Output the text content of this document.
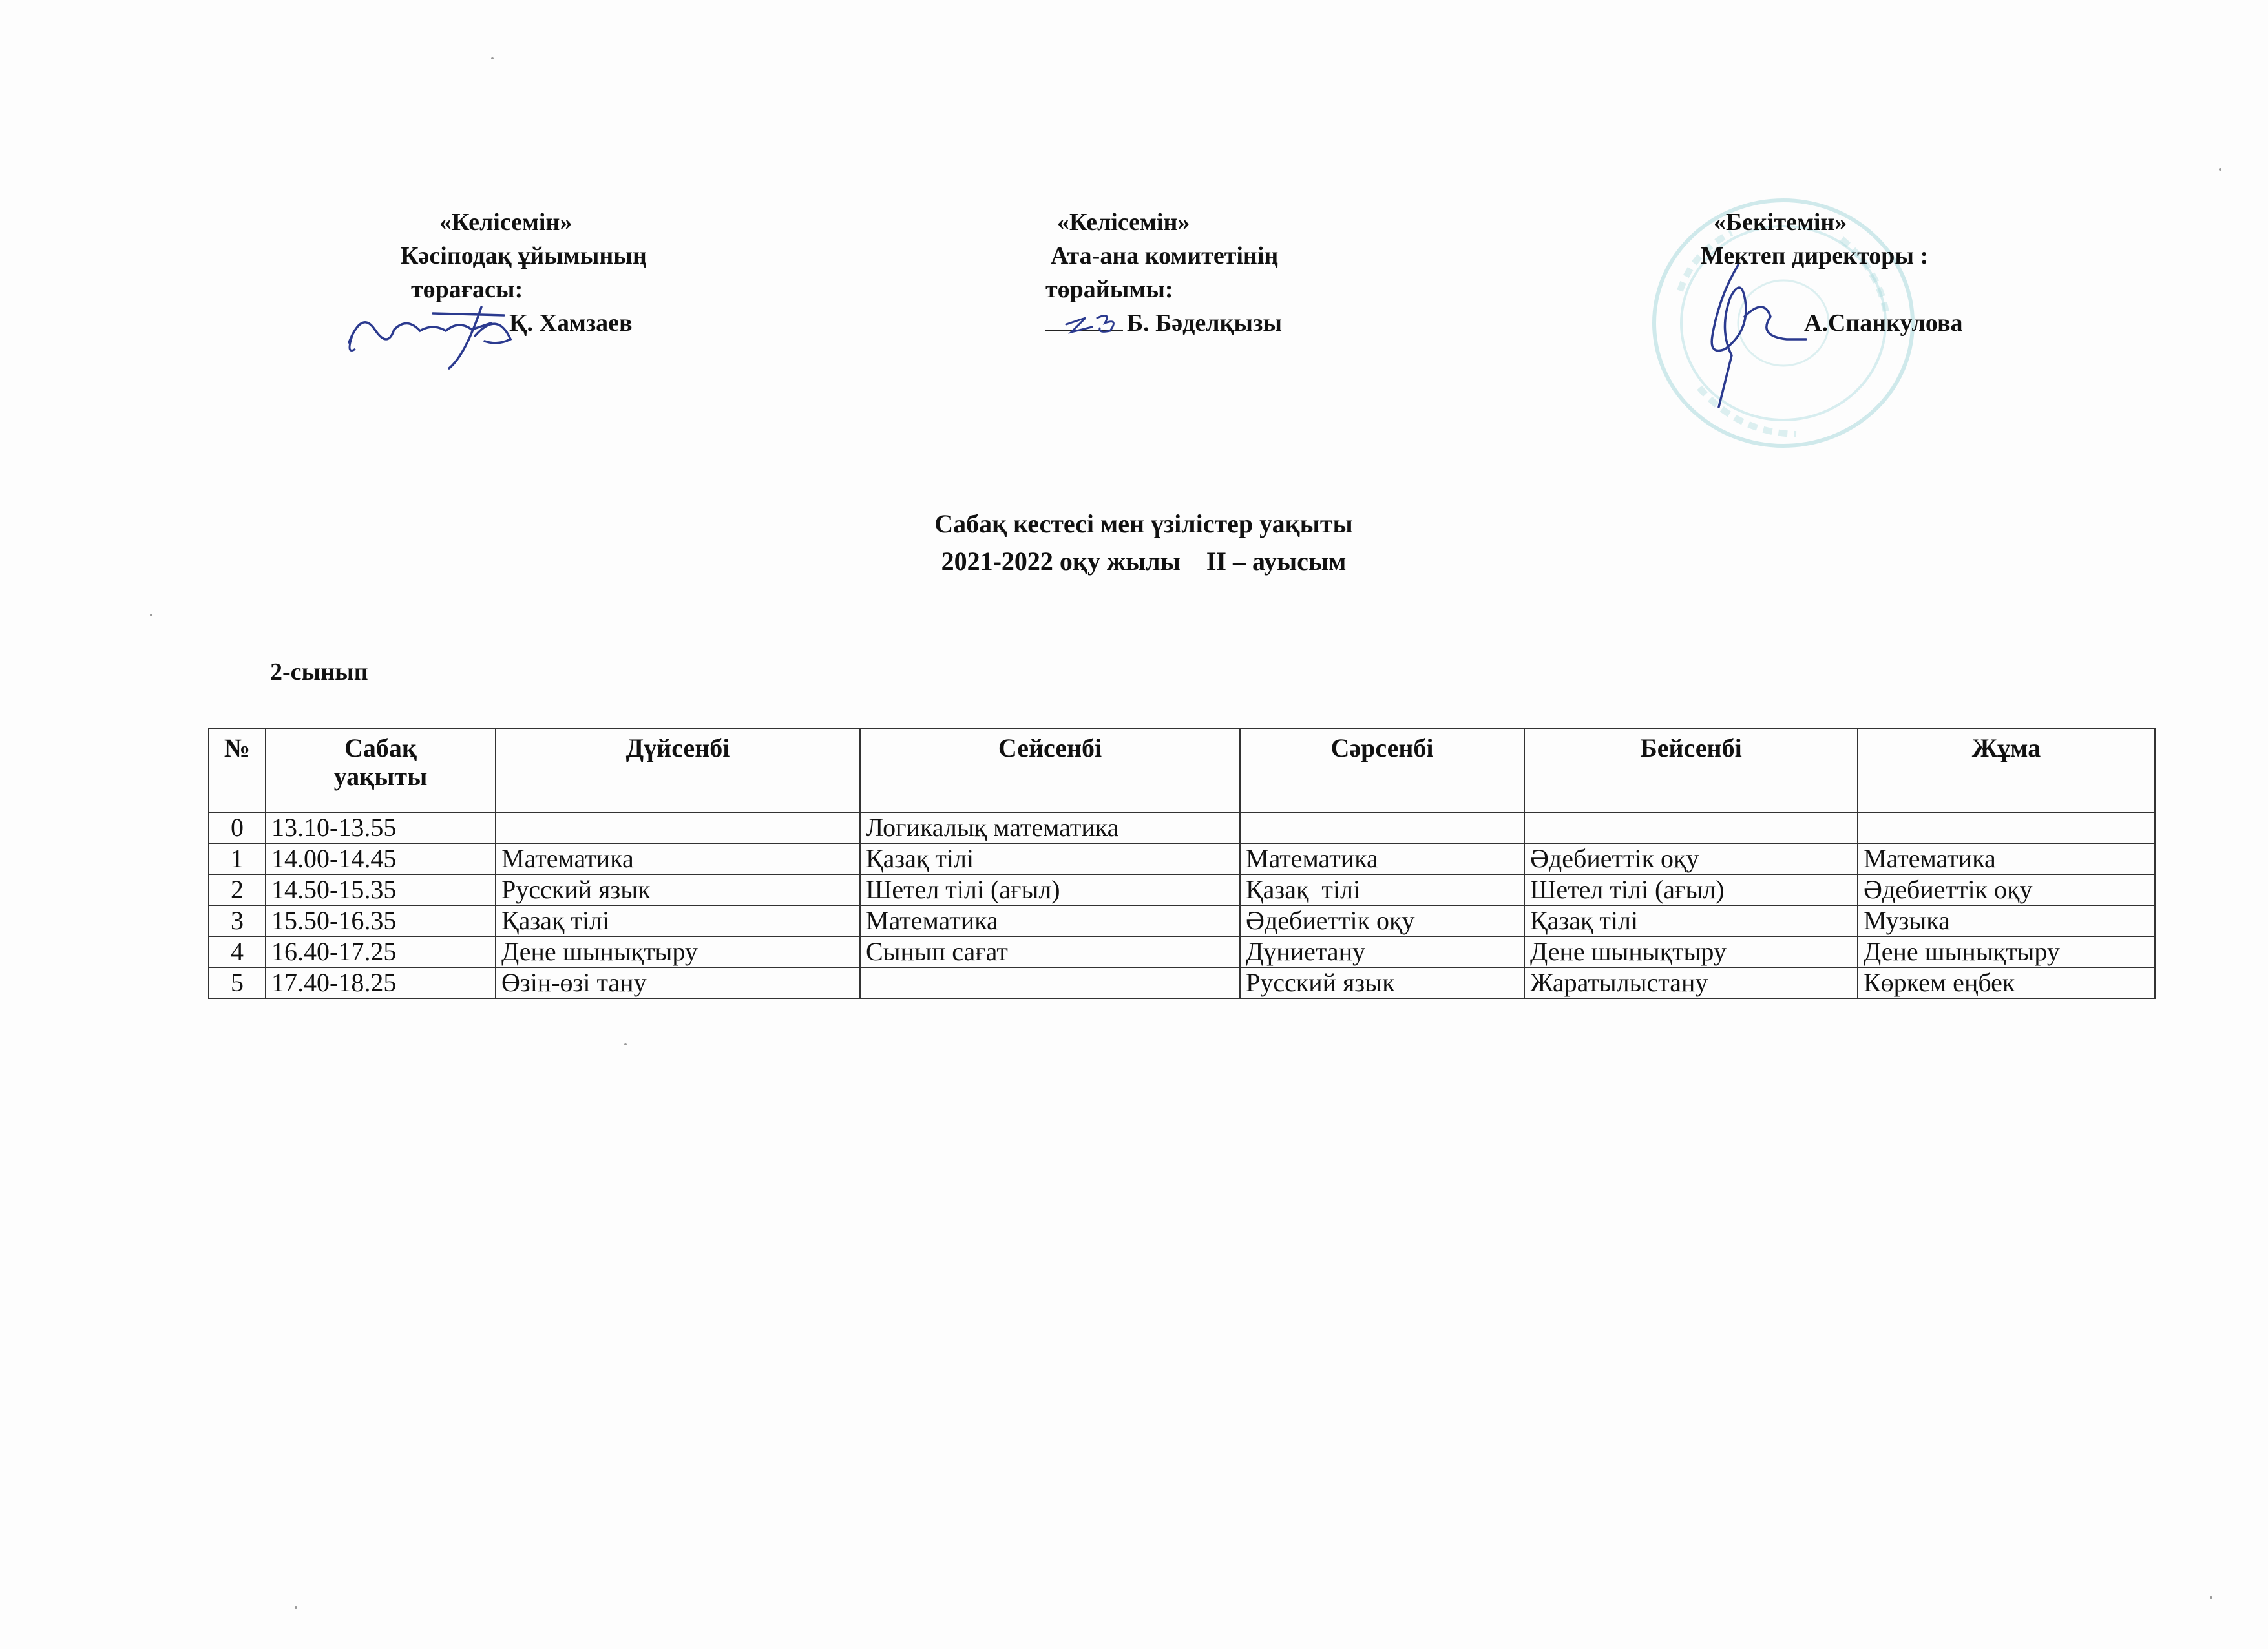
«Келісемін»
Кәсіподақ ұйымының
төрағасы:
Қ. Хамзаев
«Келісемін»
Ата-ана комитетінің
төрайымы:
Б. Бәделқызы
«Бекітемін»
Мектеп директоры :

А.Спанкулова
Сабақ кестесі мен үзілістер уақыты
2021-2022 оқу жылы    ІІ – ауысым
2-сынып
№	Сабақ
уақыты	Дүйсенбі	Сейсенбі	Сәрсенбі	Бейсенбі	Жұма
0	13.10-13.55		Логикалық математика			
1	14.00-14.45	Математика	Қазақ тілі	Математика	Әдебиеттік оқу	Математика
2	14.50-15.35	Русский язык	Шетел тілі (ағыл)	Қазақ  тілі	Шетел тілі (ағыл)	Әдебиеттік оқу
3	15.50-16.35	Қазақ тілі	Математика	Әдебиеттік оқу	Қазақ тілі	Музыка
4	16.40-17.25	Дене шынықтыру	Сынып сағат	Дүниетану	Дене шынықтыру	Дене шынықтыру
5	17.40-18.25	Өзін-өзі тану		Русский язык	Жаратылыстану	Көркем еңбек
